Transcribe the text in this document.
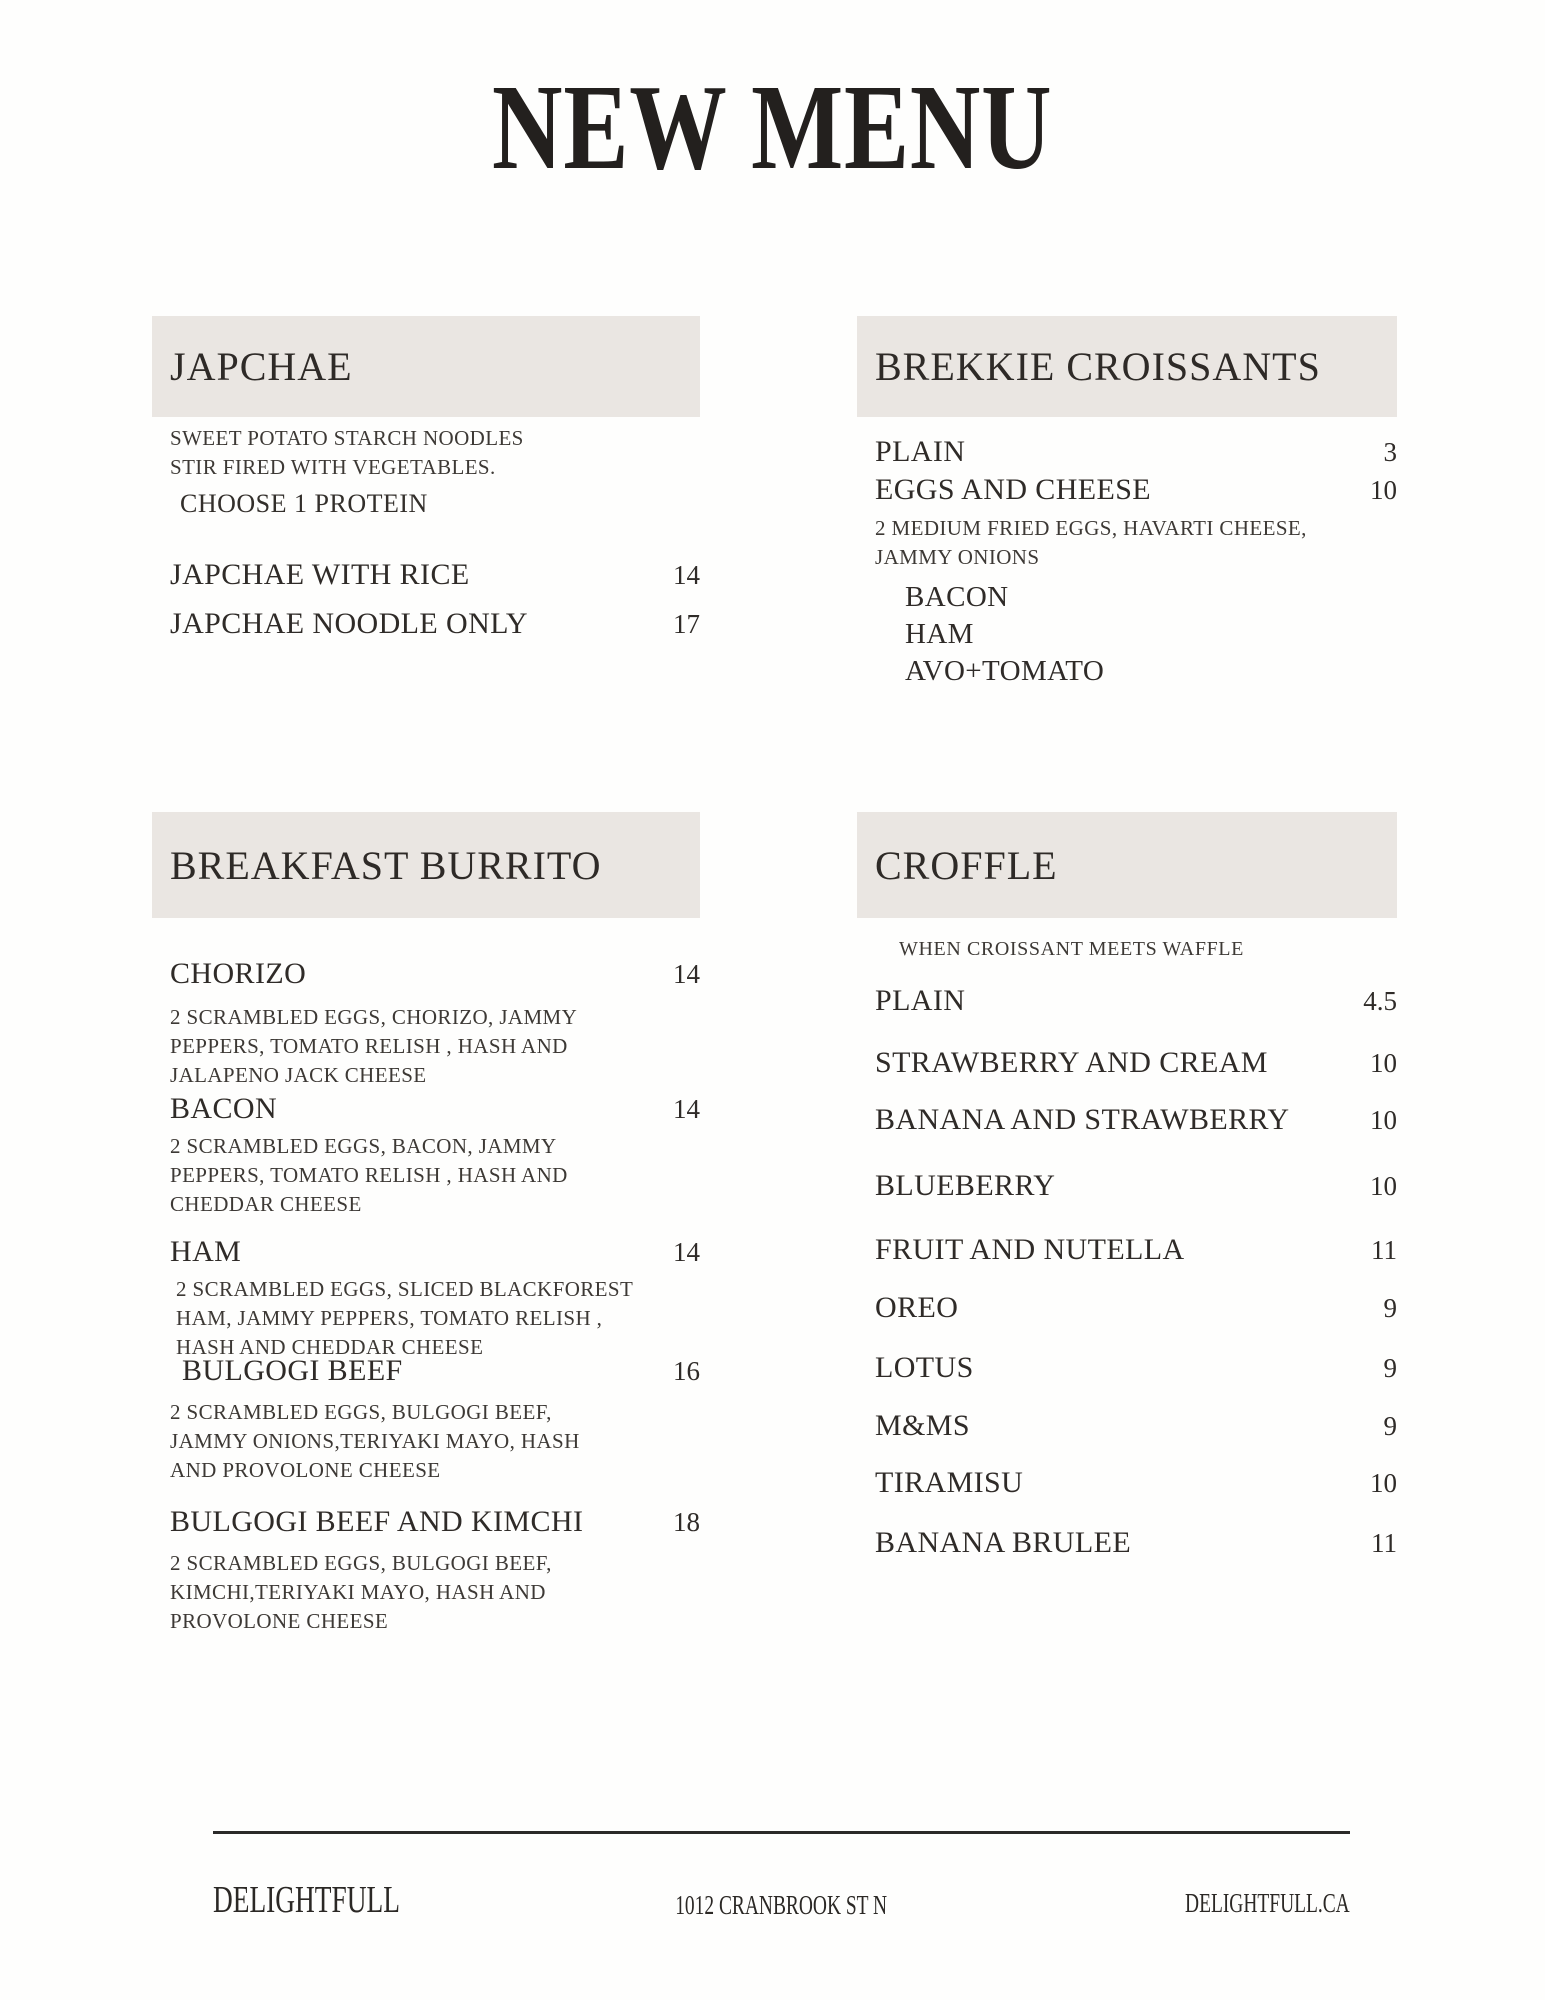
NEW MENU
JAPCHAE
SWEET POTATO STARCH NOODLES
STIR FIRED WITH VEGETABLES.
CHOOSE 1 PROTEIN
JAPCHAE WITH RICE	14
JAPCHAE NOODLE ONLY	17
BREAKFAST BURRITO
CHORIZO	14
2 SCRAMBLED EGGS, CHORIZO, JAMMY
PEPPERS, TOMATO RELISH , HASH AND
JALAPENO JACK CHEESE
BACON	14
2 SCRAMBLED EGGS, BACON, JAMMY
PEPPERS, TOMATO RELISH , HASH AND
CHEDDAR CHEESE
HAM	14
2 SCRAMBLED EGGS, SLICED BLACKFOREST
HAM, JAMMY PEPPERS, TOMATO RELISH ,
HASH AND CHEDDAR CHEESE
BULGOGI BEEF	16
2 SCRAMBLED EGGS, BULGOGI BEEF,
JAMMY ONIONS,TERIYAKI MAYO, HASH
AND PROVOLONE CHEESE
BULGOGI BEEF AND KIMCHI	18
2 SCRAMBLED EGGS, BULGOGI BEEF,
KIMCHI,TERIYAKI MAYO, HASH AND
PROVOLONE CHEESE
BREKKIE CROISSANTS
PLAIN	3
EGGS AND CHEESE	10
2 MEDIUM FRIED EGGS, HAVARTI CHEESE,
JAMMY ONIONS
BACON
HAM
AVO+TOMATO
CROFFLE
WHEN CROISSANT MEETS WAFFLE
PLAIN	4.5
STRAWBERRY AND CREAM	10
BANANA AND STRAWBERRY	10
BLUEBERRY	10
FRUIT AND NUTELLA	11
OREO	9
LOTUS	9
M&MS	9
TIRAMISU	10
BANANA BRULEE	11
DELIGHTFULL	1012 CRANBROOK ST N	DELIGHTFULL.CA
